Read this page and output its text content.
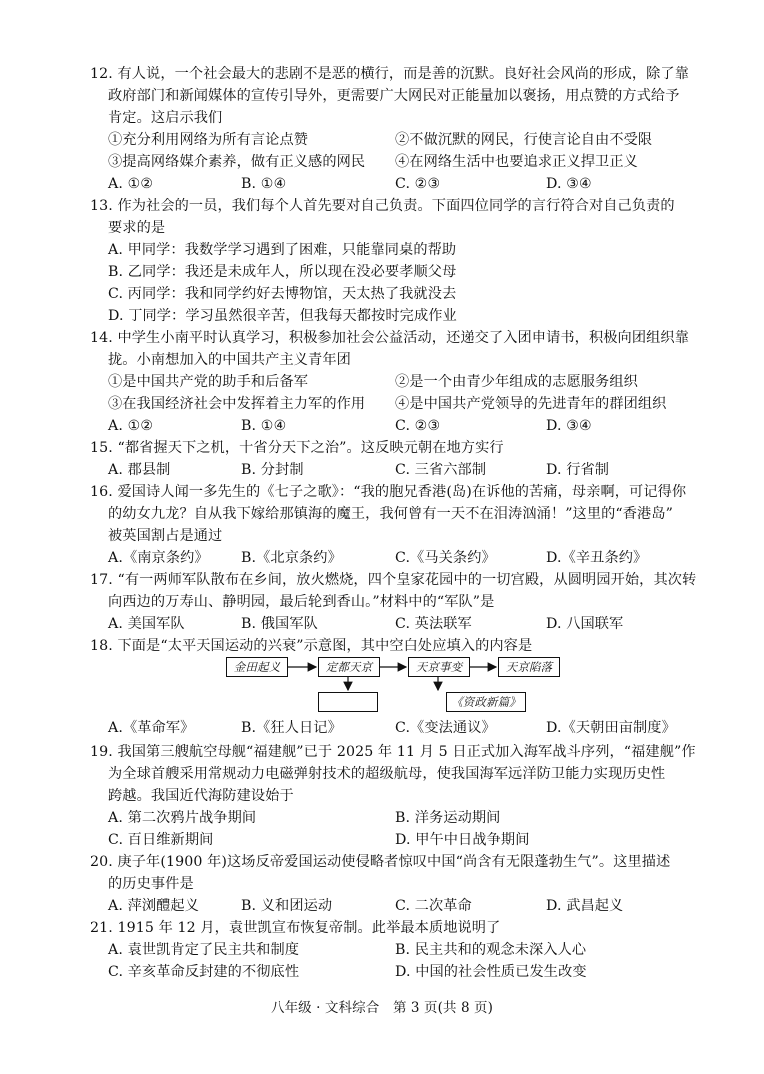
12. 有人说，一个社会最大的悲剧不是恶的横行，而是善的沉默。良好社会风尚的形成，除了靠
政府部门和新闻媒体的宣传引导外，更需要广大网民对正能量加以褒扬，用点赞的方式给予
肯定。这启示我们
①充分利用网络为所有言论点赞	②不做沉默的网民，行使言论自由不受限
③提高网络媒介素养，做有正义感的网民 ④在网络生活中也要追求正义捍卫正义
A. ①②	B. ①④	C. ②③	D. ③④
13. 作为社会的一员，我们每个人首先要对自己负责。下面四位同学的言行符合对自己负责的
要求的是
A. 甲同学：我数学学习遇到了困难，只能靠同桌的帮助
B. 乙同学：我还是未成年人，所以现在没必要孝顺父母
C. 丙同学：我和同学约好去博物馆，天太热了我就没去
D. 丁同学：学习虽然很辛苦，但我每天都按时完成作业
14. 中学生小南平时认真学习，积极参加社会公益活动，还递交了入团申请书，积极向团组织靠
拢。小南想加入的中国共产主义青年团
①是中国共产党的助手和后备军	②是一个由青少年组成的志愿服务组织
③在我国经济社会中发挥着主力军的作用 ④是中国共产党领导的先进青年的群团组织
A. ①②	B. ①④	C. ②③	D. ③④
15. “都省握天下之机，十省分天下之治”。这反映元朝在地方实行
A. 郡县制	B. 分封制	C. 三省六部制	D. 行省制
16. 爱国诗人闻一多先生的《七子之歌》：“我的胞兄香港(岛)在诉他的苦痛，母亲啊，可记得你
的幼女九龙？自从我下嫁给那镇海的魔王，我何曾有一天不在泪涛汹涌！”这里的“香港岛”
被英国割占是通过
A.《南京条约》 B.《北京条约》	C.《马关条约》	D.《辛丑条约》
17. “有一两师军队散布在乡间，放火燃烧，四个皇家花园中的一切宫殿，从圆明园开始，其次转
向西边的万寿山、静明园，最后轮到香山。”材料中的“军队”是
A. 美国军队	B. 俄国军队	C. 英法联军	D. 八国联军
18. 下面是“太平天国运动的兴衰”示意图，其中空白处应填入的内容是
金田起义	定都天京	天京事变	天京陷落
《资政新篇》
A.《革命军》	B.《狂人日记》	C.《变法通议》	D.《天朝田亩制度》
19. 我国第三艘航空母舰“福建舰”已于 2025 年 11 月 5 日正式加入海军战斗序列，“福建舰”作
为全球首艘采用常规动力电磁弹射技术的超级航母，使我国海军远洋防卫能力实现历史性
跨越。我国近代海防建设始于
A. 第二次鸦片战争期间	B. 洋务运动期间
C. 百日维新期间	D. 甲午中日战争期间
20. 庚子年(1900 年)这场反帝爱国运动使侵略者惊叹中国“尚含有无限蓬勃生气”。这里描述
的历史事件是
A. 萍浏醴起义	B. 义和团运动	C. 二次革命	D. 武昌起义
21. 1915 年 12 月，袁世凯宣布恢复帝制。此举最本质地说明了
A. 袁世凯肯定了民主共和制度	B. 民主共和的观念未深入人心
C. 辛亥革命反封建的不彻底性	D. 中国的社会性质已发生改变
八年级 · 文科综合　第 3 页(共 8 页)
